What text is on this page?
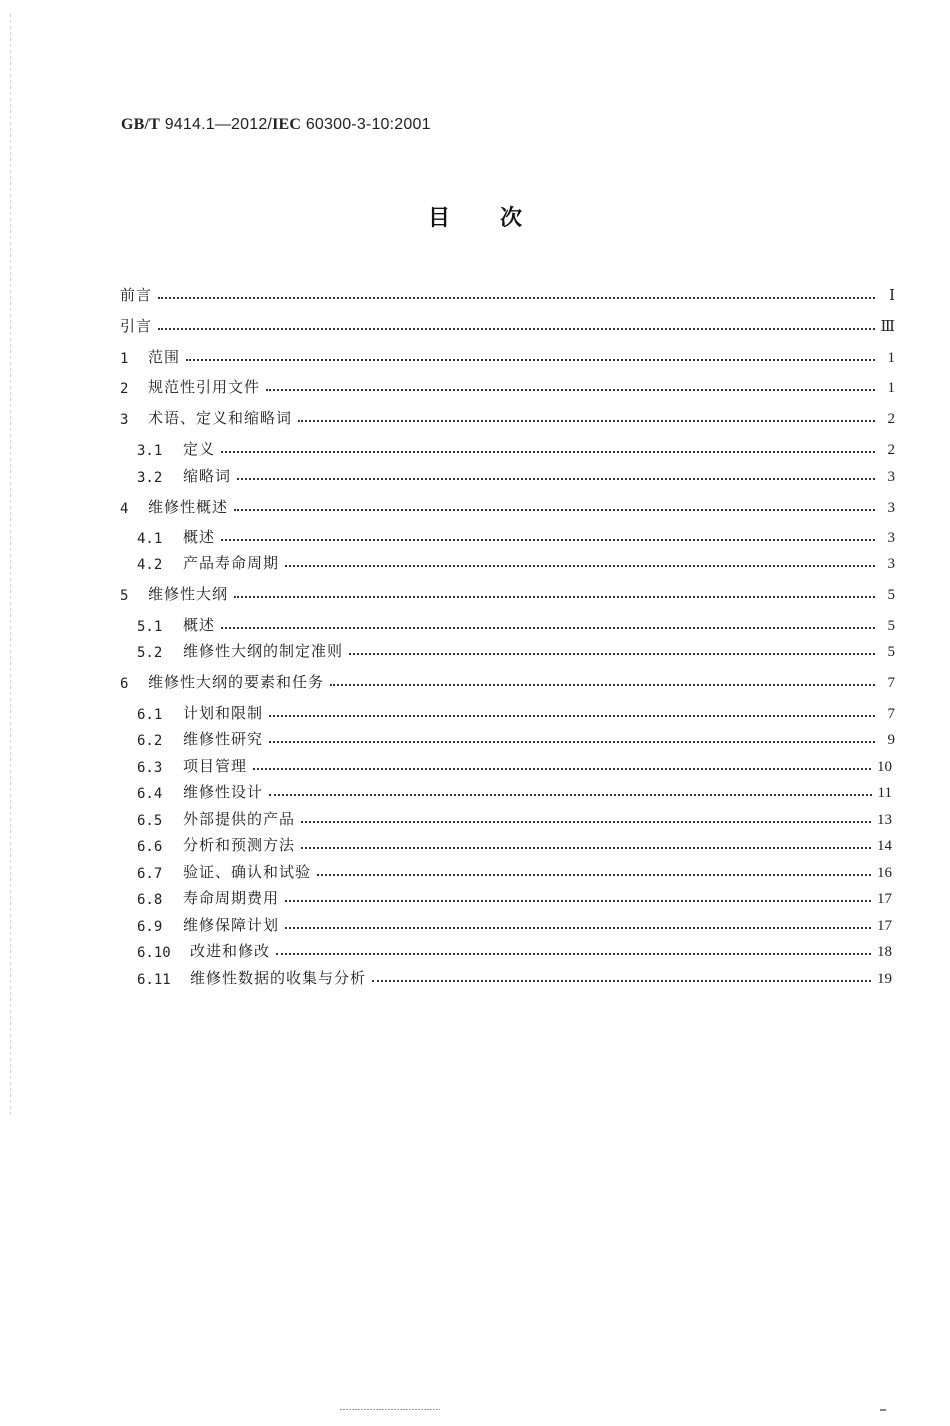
GB/T 9414.1—2012/IEC 60300-3-10:2001
目 次
前言	Ⅰ
引言	Ⅲ
1	范围	1
2	规范性引用文件	1
3	术语、定义和缩略词	2
3.1	定义	2
3.2	缩略词	3
4	维修性概述	3
4.1	概述	3
4.2	产品寿命周期	3
5	维修性大纲	5
5.1	概述	5
5.2	维修性大纲的制定准则	5
6	维修性大纲的要素和任务	7
6.1	计划和限制	7
6.2	维修性研究	9
6.3	项目管理	10
6.4	维修性设计	11
6.5	外部提供的产品	13
6.6	分析和预测方法	14
6.7	验证、确认和试验	16
6.8	寿命周期费用	17
6.9	维修保障计划	17
6.10	改进和修改	18
6.11	维修性数据的收集与分析	19
